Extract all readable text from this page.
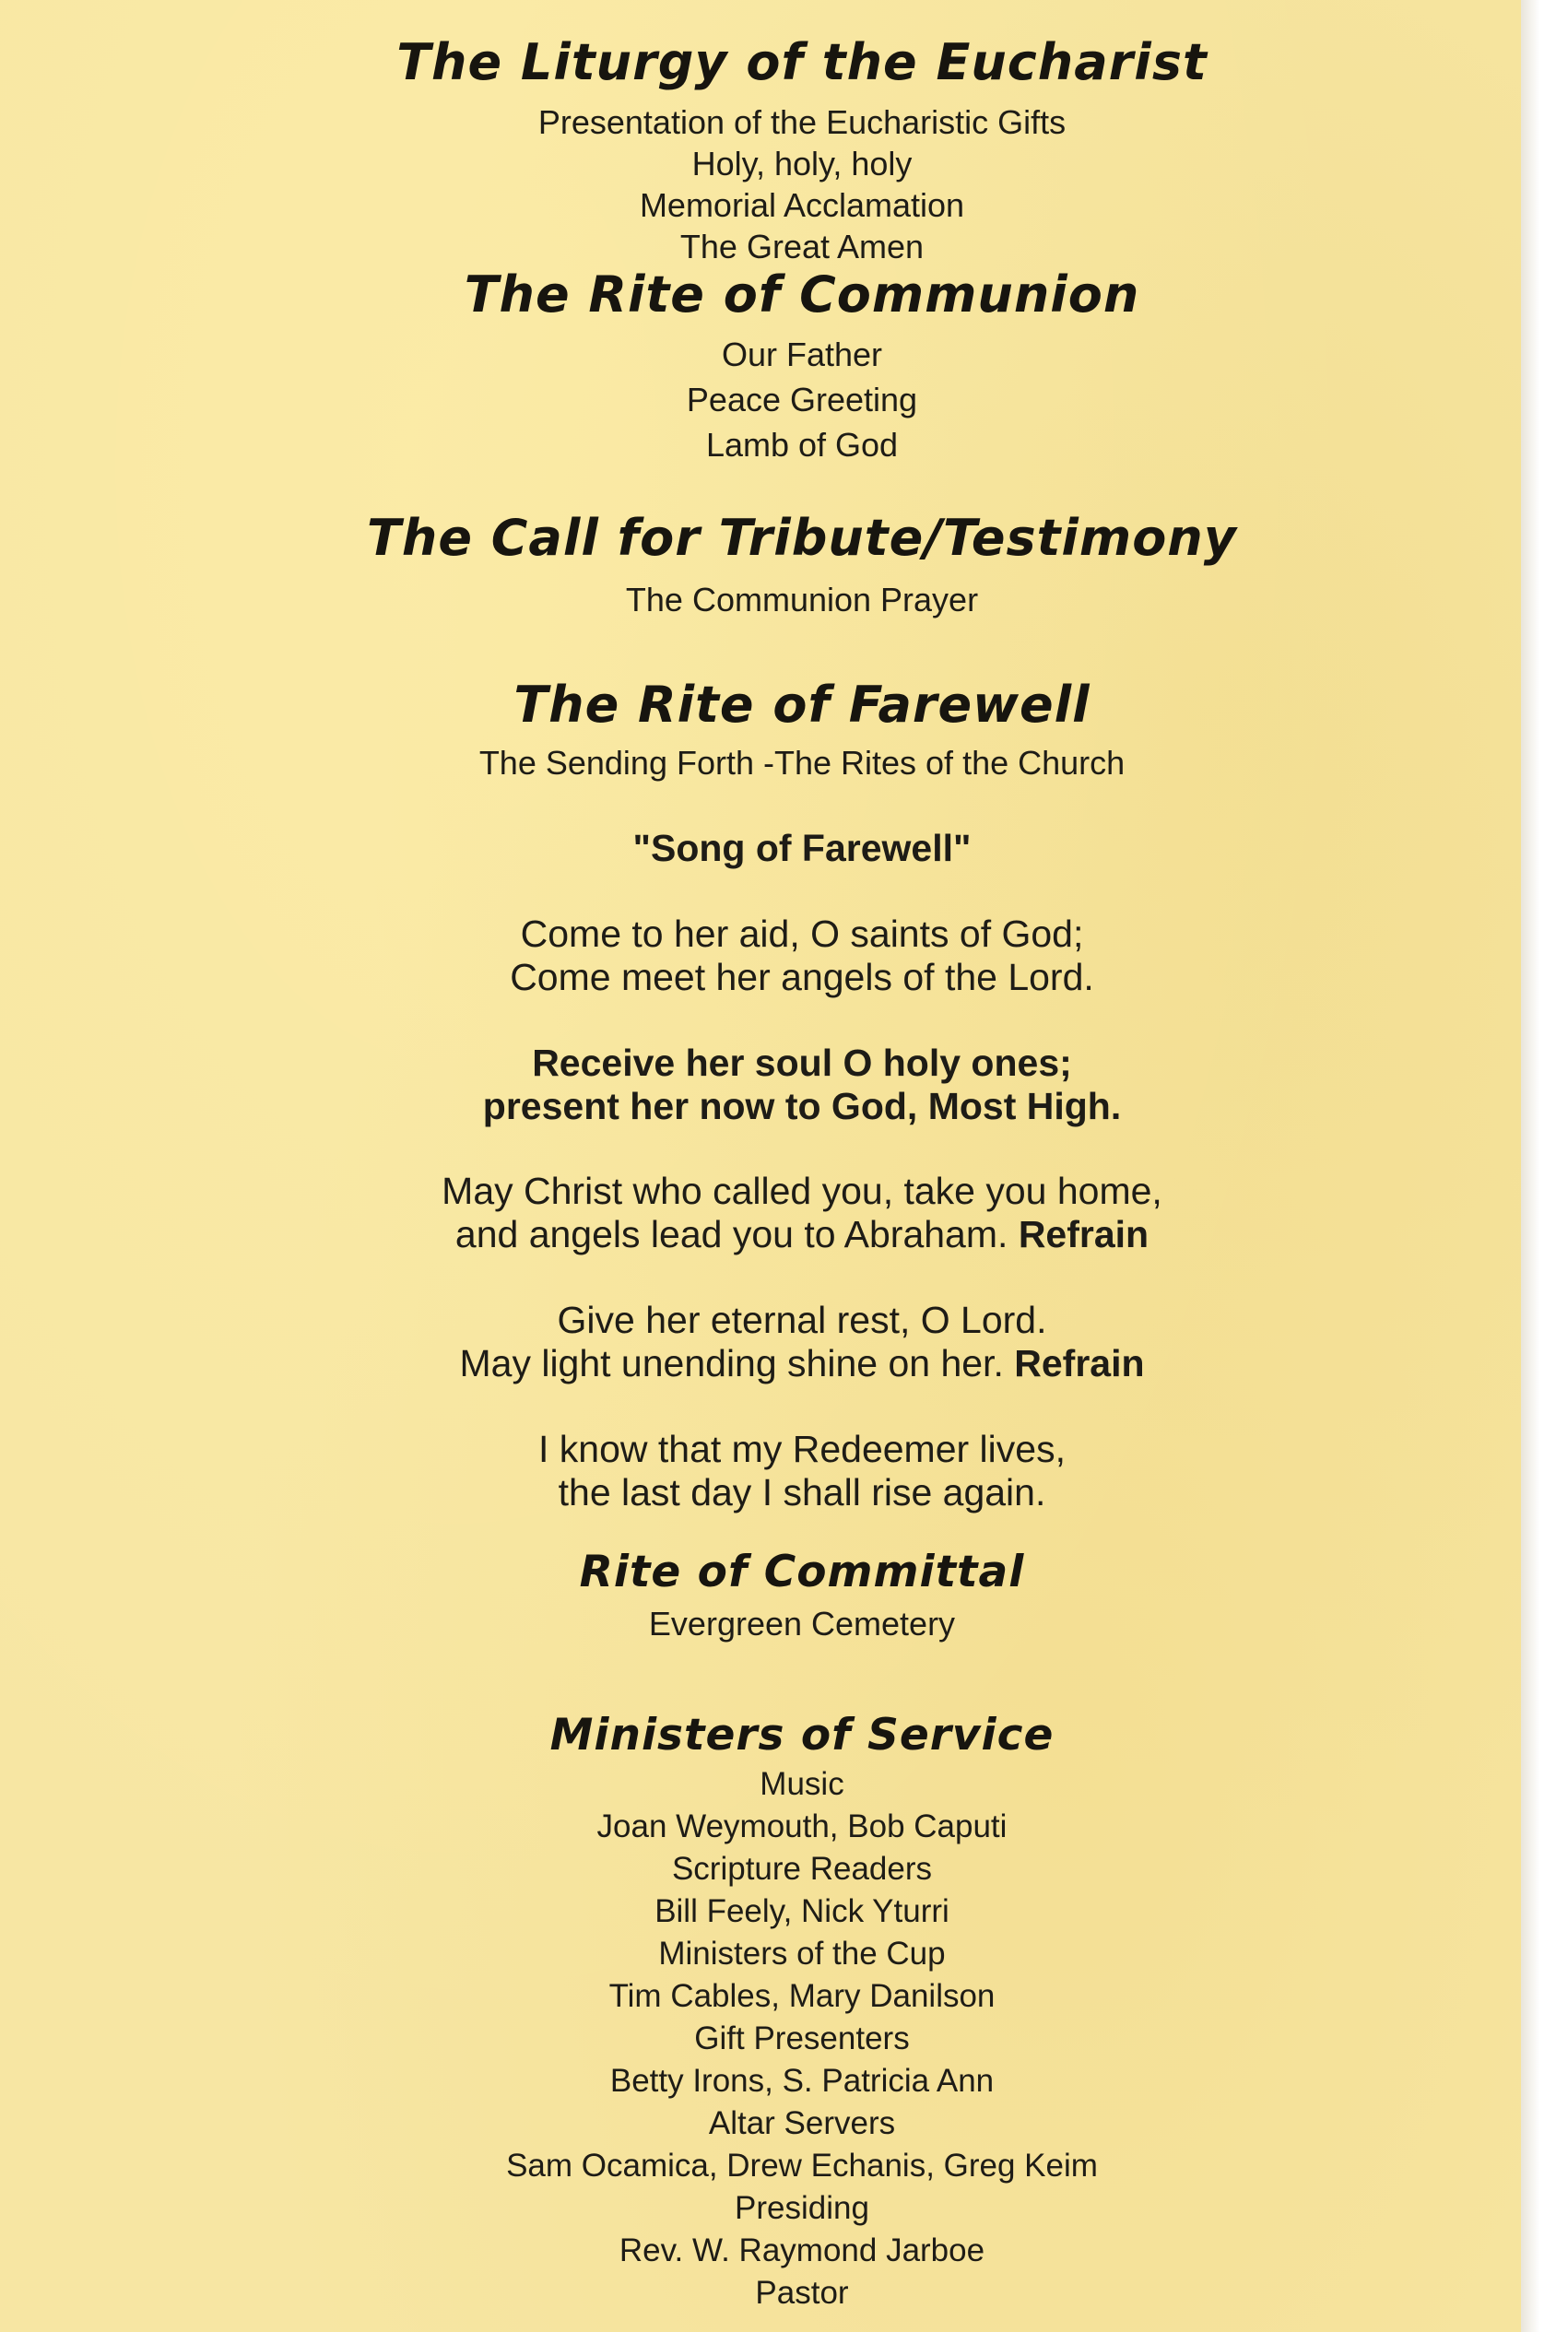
The Liturgy of the Eucharist
Presentation of the Eucharistic Gifts
Holy, holy, holy
Memorial Acclamation
The Great Amen
The Rite of Communion
Our Father
Peace Greeting
Lamb of God
The Call for Tribute/Testimony
The Communion Prayer
The Rite of Farewell
The Sending Forth -The Rites of the Church
"Song of Farewell"
Come to her aid, O saints of God;
Come meet her angels of the Lord.
Receive her soul O holy ones;
present her now to God, Most High.
May Christ who called you, take you home,
and angels lead you to Abraham. Refrain
Give her eternal rest, O Lord.
May light unending shine on her. Refrain
I know that my Redeemer lives,
the last day I shall rise again.
Rite of Committal
Evergreen Cemetery
Ministers of Service
Music
Joan Weymouth, Bob Caputi
Scripture Readers
Bill Feely, Nick Yturri
Ministers of the Cup
Tim Cables, Mary Danilson
Gift Presenters
Betty Irons, S. Patricia Ann
Altar Servers
Sam Ocamica, Drew Echanis, Greg Keim
Presiding
Rev. W. Raymond Jarboe
Pastor
